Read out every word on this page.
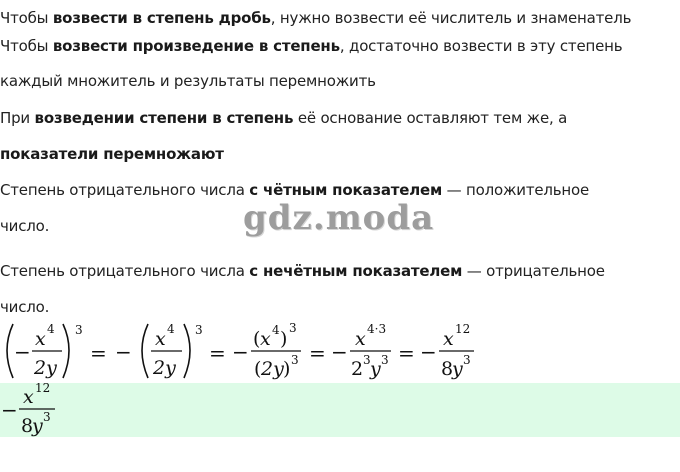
Чтобы возвести в степень дробь, нужно возвести её числитель и знаменатель
Чтобы возвести произведение в степень, достаточно возвести в эту степень
каждый множитель и результаты перемножить
При возведении степени в степень её основание оставляют тем же, а
показатели перемножают
Степень отрицательного числа с чётным показателем — положительное
число.
Степень отрицательного числа с нечётным показателем — отрицательное
число.
gdz.moda
−
x 4
2y
3
= −
x 4
2y
3
= −
( x 4 ) 3
( 2y ) 3 = −
x 4·3
2 3 y 3 = −
x 12
8
y 3
−
x 12
8
y 3
